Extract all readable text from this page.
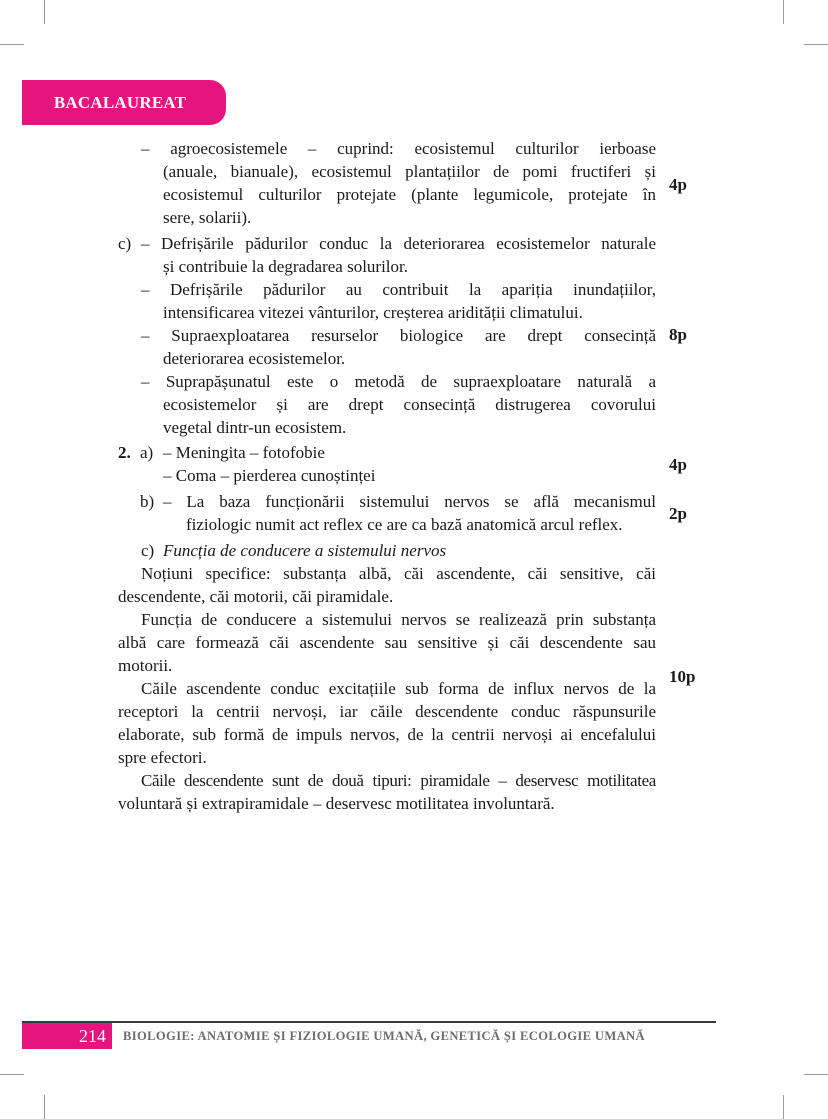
BACALAUREAT
– agroecosistemele – cuprind: ecosistemul culturilor ierboase
(anuale, bianuale), ecosistemul plantațiilor de pomi fructiferi și
ecosistemul culturilor protejate (plante legumicole, protejate în
sere, solarii).
4p
c) – Defrișările pădurilor conduc la deteriorarea ecosistemelor naturale
și contribuie la degradarea solurilor.
– Defrișările pădurilor au contribuit la apariția inundațiilor,
intensificarea vitezei vânturilor, creșterea aridității climatului.
– Supraexploatarea resurselor biologice are drept consecință
deteriorarea ecosistemelor.
– Suprapășunatul este o metodă de supraexploatare naturală a
ecosistemelor și are drept consecință distrugerea covorului
vegetal dintr-un ecosistem.
8p
2. a) – Meningita – fotofobie
– Coma – pierderea cunoștinței
4p
b) – La baza funcționării sistemului nervos se află mecanismul
fiziologic numit act reflex ce are ca bază anatomică arcul reflex.
2p
c) Funcția de conducere a sistemului nervos
Noțiuni specifice: substanța albă, căi ascendente, căi sensitive, căi
descendente, căi motorii, căi piramidale.
Funcția de conducere a sistemului nervos se realizează prin substanța
albă care formează căi ascendente sau sensitive și căi descendente sau
motorii.
Căile ascendente conduc excitațiile sub forma de influx nervos de la
receptori la centrii nervoși, iar căile descendente conduc răspunsurile
elaborate, sub formă de impuls nervos, de la centrii nervoși ai encefalului
spre efectori.
Căile descendente sunt de două tipuri: piramidale – deservesc motilitatea
voluntară și extrapiramidale – deservesc motilitatea involuntară.
10p
214	BIOLOGIE: ANATOMIE ȘI FIZIOLOGIE UMANĂ, GENETICĂ ȘI ECOLOGIE UMANĂ
